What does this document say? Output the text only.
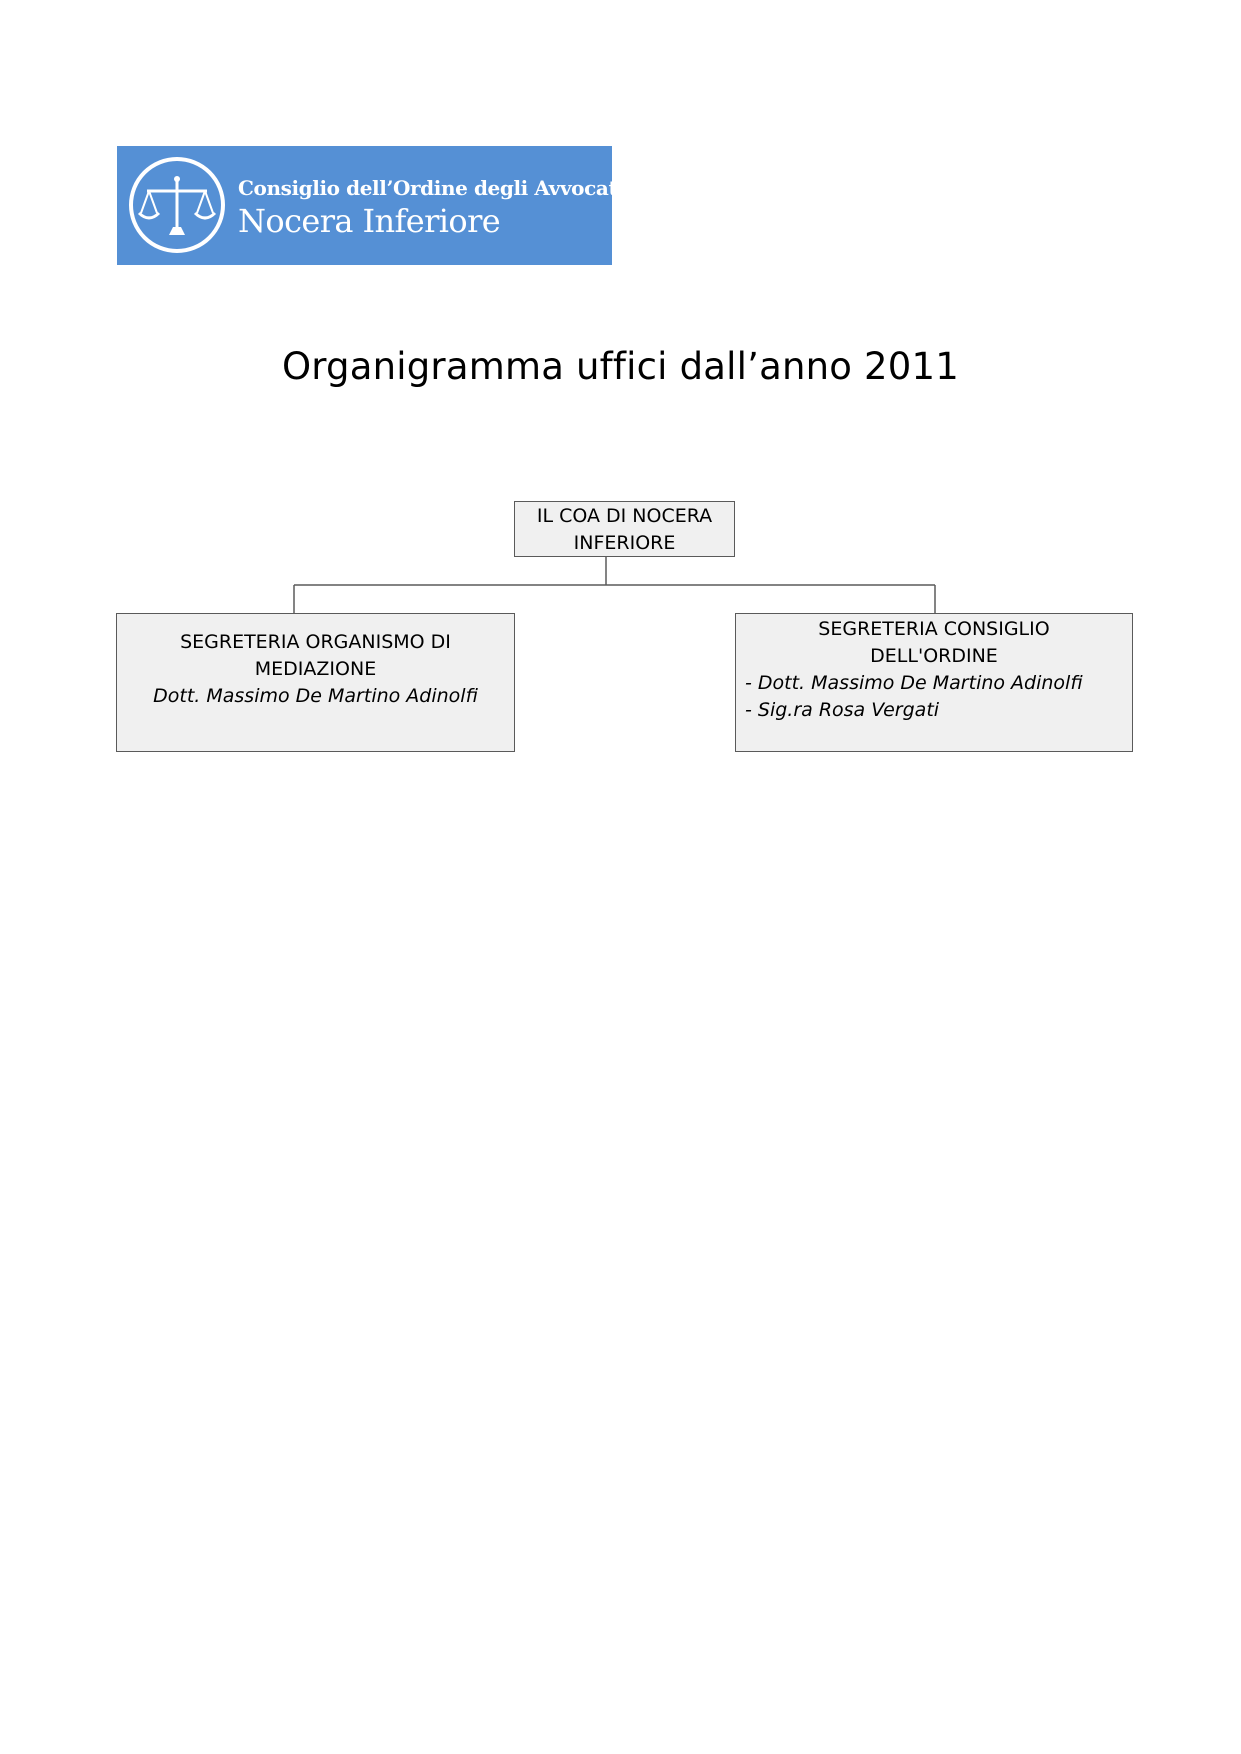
Consiglio dell’Ordine degli Avvocati
Nocera Inferiore
Organigramma uffici dall’anno 2011
IL COA DI NOCERA
INFERIORE
SEGRETERIA ORGANISMO DI
MEDIAZIONE
Dott. Massimo De Martino Adinolfi
SEGRETERIA CONSIGLIO
DELL'ORDINE
- Dott. Massimo De Martino Adinolfi
- Sig.ra Rosa Vergati
